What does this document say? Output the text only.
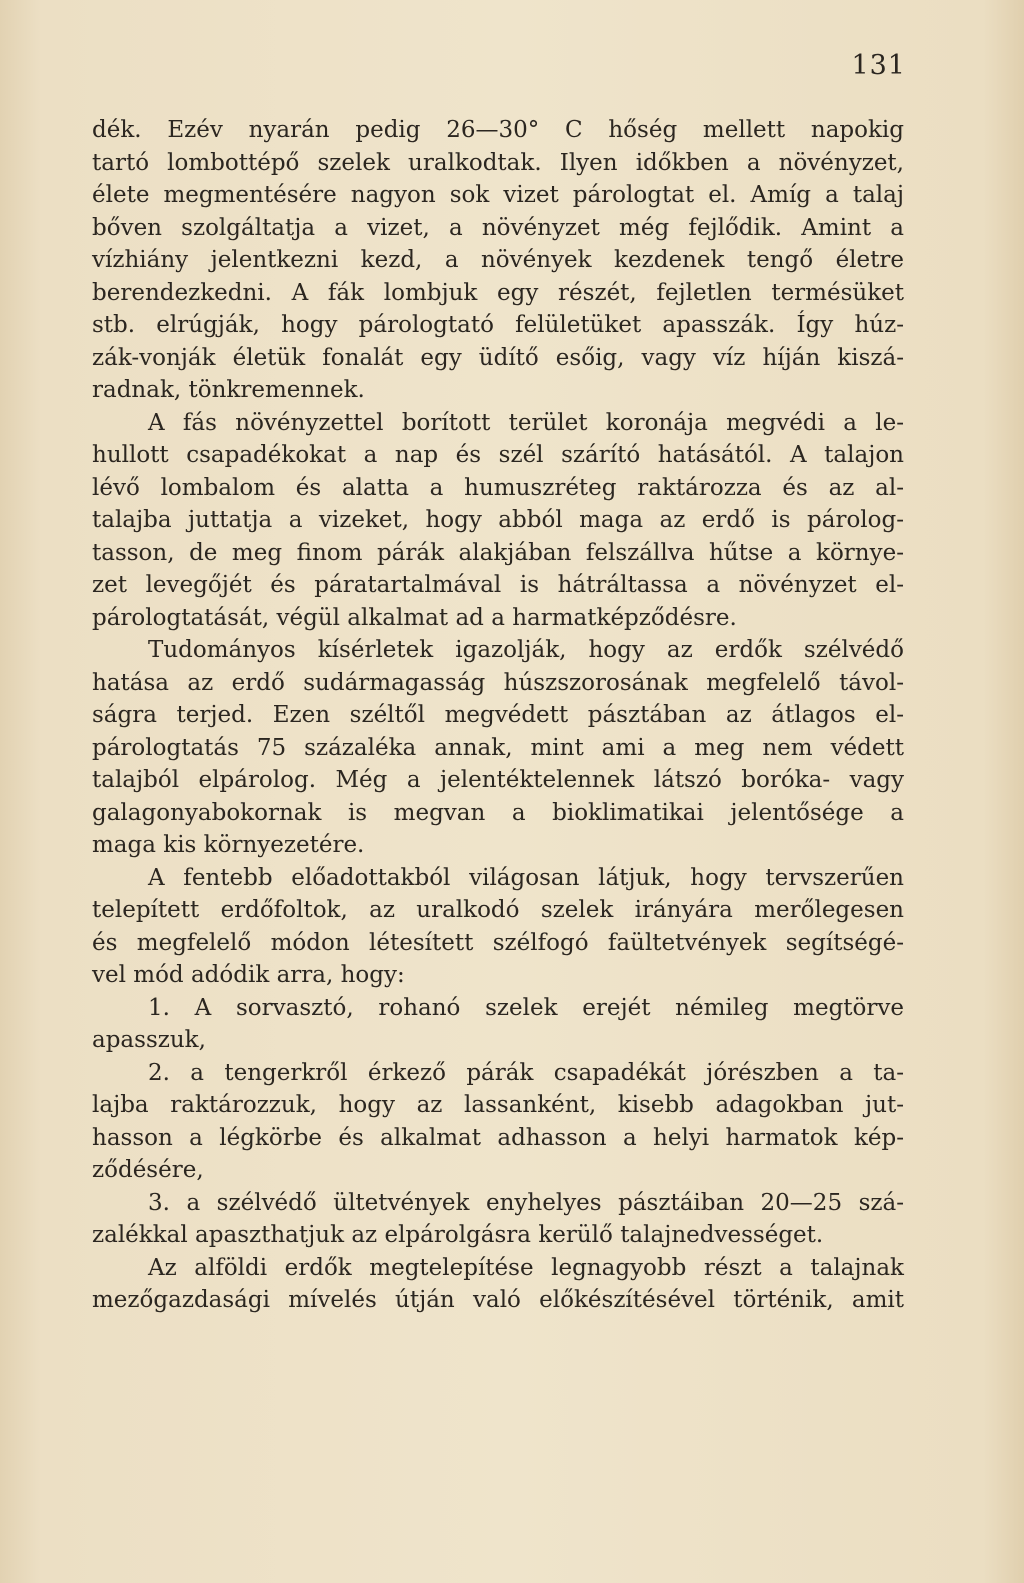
131

dék. Ezév nyarán pedig 26—30° C hőség mellett napokig
tartó lombottépő szelek uralkodtak. Ilyen időkben a növényzet,
élete megmentésére nagyon sok vizet párologtat el. Amíg a talaj
bőven szolgáltatja a vizet, a növényzet még fejlődik. Amint a
vízhiány jelentkezni kezd, a növények kezdenek tengő életre
berendezkedni. A fák lombjuk egy részét, fejletlen termésüket
stb. elrúgják, hogy párologtató felületüket apasszák. Így húz-
zák-vonják életük fonalát egy üdítő esőig, vagy víz híján kiszá-
radnak, tönkremennek.

A fás növényzettel borított terület koronája megvédi a le-
hullott csapadékokat a nap és szél szárító hatásától. A talajon
lévő lombalom és alatta a humuszréteg raktározza és az al-
talajba juttatja a vizeket, hogy abból maga az erdő is párolog-
tasson, de meg finom párák alakjában felszállva hűtse a környe-
zet levegőjét és páratartalmával is hátráltassa a növényzet el-
párologtatását, végül alkalmat ad a harmatképződésre.

Tudományos kísérletek igazolják, hogy az erdők szélvédő
hatása az erdő sudármagasság húszszorosának megfelelő távol-
ságra terjed. Ezen széltől megvédett pásztában az átlagos el-
párologtatás 75 százaléka annak, mint ami a meg nem védett
talajból elpárolog. Még a jelentéktelennek látszó boróka- vagy
galagonyabokornak is megvan a bioklimatikai jelentősége a
maga kis környezetére.

A fentebb előadottakból világosan látjuk, hogy tervszerűen
telepített erdőfoltok, az uralkodó szelek irányára merőlegesen
és megfelelő módon létesített szélfogó faültetvények segítségé-
vel mód adódik arra, hogy:

1. A sorvasztó, rohanó szelek erejét némileg megtörve
apasszuk,

2. a tengerkről érkező párák csapadékát jórészben a ta-
lajba raktározzuk, hogy az lassanként, kisebb adagokban jut-
hasson a légkörbe és alkalmat adhasson a helyi harmatok kép-
ződésére,

3. a szélvédő ültetvények enyhelyes pásztáiban 20—25 szá-
zalékkal apaszthatjuk az elpárolgásra kerülő talajnedvességet.

Az alföldi erdők megtelepítése legnagyobb részt a talajnak
mezőgazdasági mívelés útján való előkészítésével történik, amit
